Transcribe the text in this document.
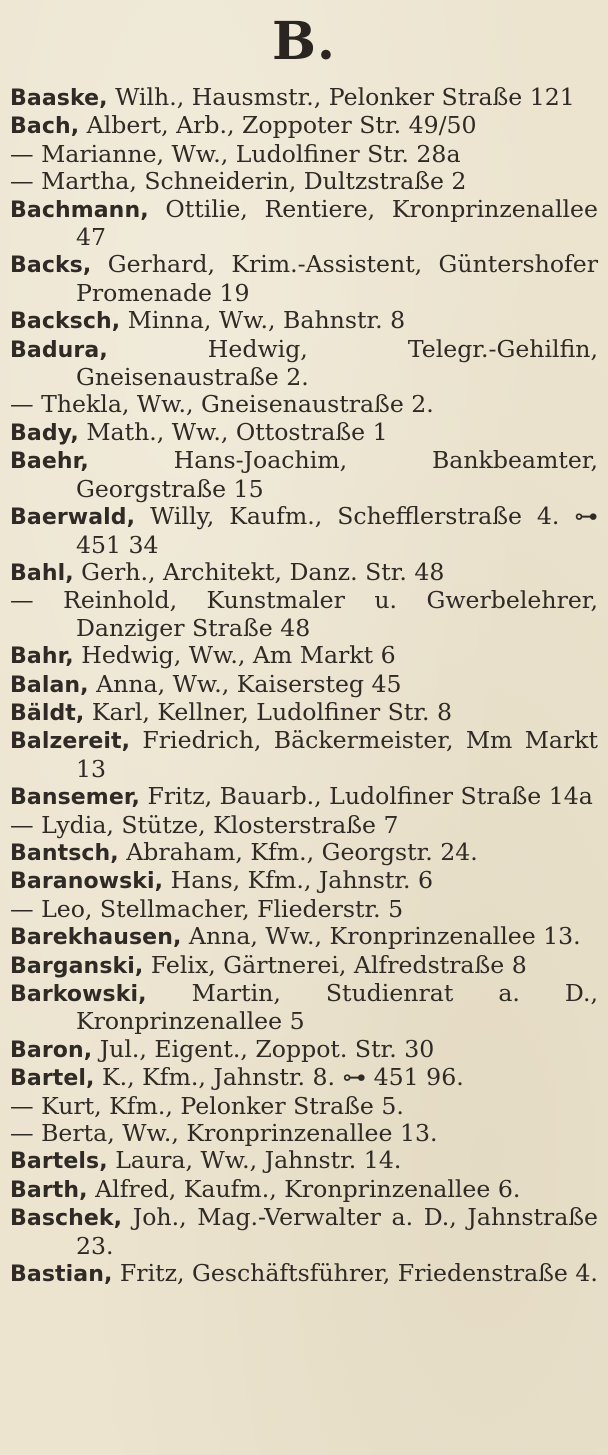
B.

Baaske, Wilh., Hausmstr., Pelonker Straße 121

Bach, Albert, Arb., Zoppoter Str. 49/50

— Marianne, Ww., Ludolfiner Str. 28a

— Martha, Schneiderin, Dultzstraße 2

Bachmann, Ottilie, Rentiere, Kronprinzenallee 47

Backs, Gerhard, Krim.-Assistent, Güntershofer Promenade 19

Backsch, Minna, Ww., Bahnstr. 8

Badura, Hedwig, Telegr.-Gehilfin, Gneisenaustraße 2.

— Thekla, Ww., Gneisenaustraße 2.

Bady, Math., Ww., Ottostraße 1

Baehr, Hans-Joachim, Bankbeamter, Georgstraße 15

Baerwald, Willy, Kaufm., Schefflerstraße 4. ⊶ 451 34

Bahl, Gerh., Architekt, Danz. Str. 48

— Reinhold, Kunstmaler u. Gwerbelehrer, Danziger Straße 48

Bahr, Hedwig, Ww., Am Markt 6

Balan, Anna, Ww., Kaisersteg 45

Bäldt, Karl, Kellner, Ludolfiner Str. 8

Balzereit, Friedrich, Bäckermeister, Mm Markt 13

Bansemer, Fritz, Bauarb., Ludolfiner Straße 14a

— Lydia, Stütze, Klosterstraße 7

Bantsch, Abraham, Kfm., Georgstr. 24.

Baranowski, Hans, Kfm., Jahnstr. 6

— Leo, Stellmacher, Fliederstr. 5

Barekhausen, Anna, Ww., Kronprinzenallee 13.

Barganski, Felix, Gärtnerei, Alfredstraße 8

Barkowski, Martin, Studienrat a. D., Kronprinzenallee 5

Baron, Jul., Eigent., Zoppot. Str. 30

Bartel, K., Kfm., Jahnstr. 8. ⊶ 451 96.

— Kurt, Kfm., Pelonker Straße 5.

— Berta, Ww., Kronprinzenallee 13.

Bartels, Laura, Ww., Jahnstr. 14.

Barth, Alfred, Kaufm., Kronprinzenallee 6.

Baschek, Joh., Mag.-Verwalter a. D., Jahnstraße 23.

Bastian, Fritz, Geschäftsführer, Friedenstraße 4.
